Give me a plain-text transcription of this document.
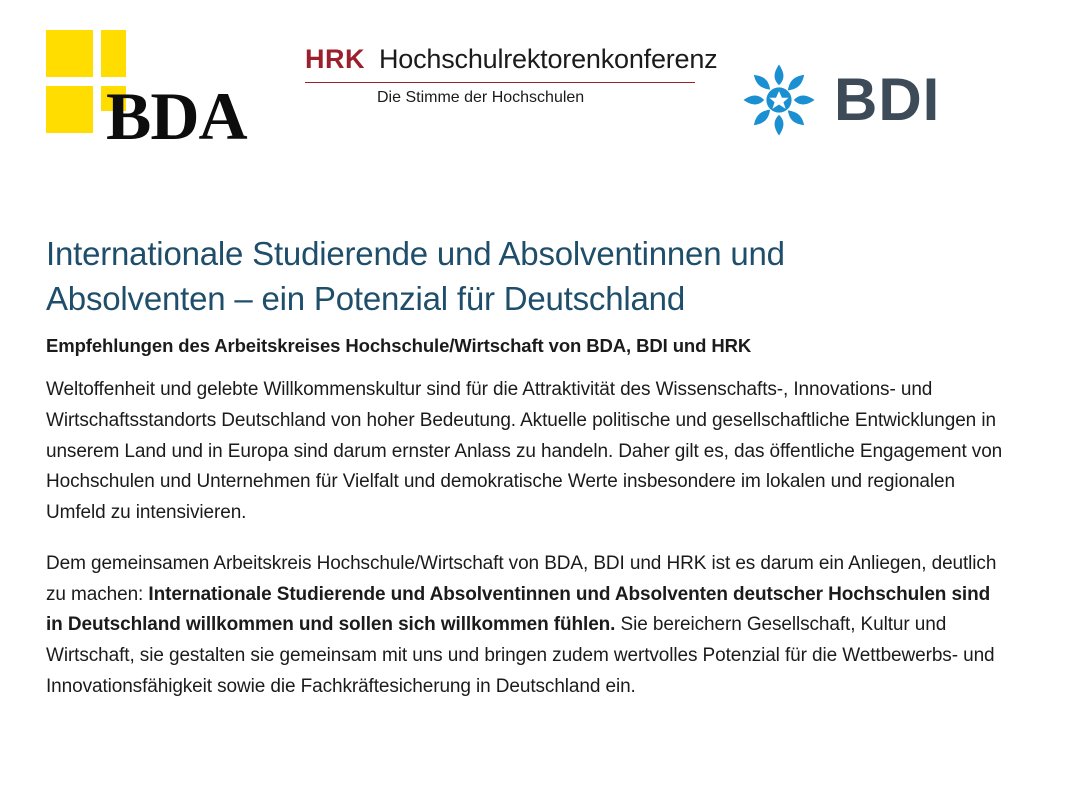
BDA
HRK Hochschulrektorenkonferenz
Die Stimme der Hochschulen	BDI
Internationale Studierende und Absolventinnen und Absolventen – ein Potenzial für Deutschland
Empfehlungen des Arbeitskreises Hochschule/Wirtschaft von BDA, BDI und HRK

Weltoffenheit und gelebte Willkommenskultur sind für die Attraktivität des Wissenschafts-, Innovations- und Wirtschaftsstandorts Deutschland von hoher Bedeutung. Aktuelle politische und gesellschaftliche Entwicklungen in unserem Land und in Europa sind darum ernster Anlass zu handeln. Daher gilt es, das öffentliche Engagement von Hochschulen und Unternehmen für Vielfalt und demokratische Werte insbesondere im lokalen und regionalen Umfeld zu intensivieren.

Dem gemeinsamen Arbeitskreis Hochschule/Wirtschaft von BDA, BDI und HRK ist es darum ein Anliegen, deutlich zu machen: Internationale Studierende und Absolventinnen und Absolventen deutscher Hochschulen sind in Deutschland willkommen und sollen sich willkommen fühlen. Sie bereichern Gesellschaft, Kultur und Wirtschaft, sie gestalten sie gemeinsam mit uns und bringen zudem wertvolles Potenzial für die Wettbewerbs- und Innovationsfähigkeit sowie die Fachkräftesicherung in Deutschland ein.
